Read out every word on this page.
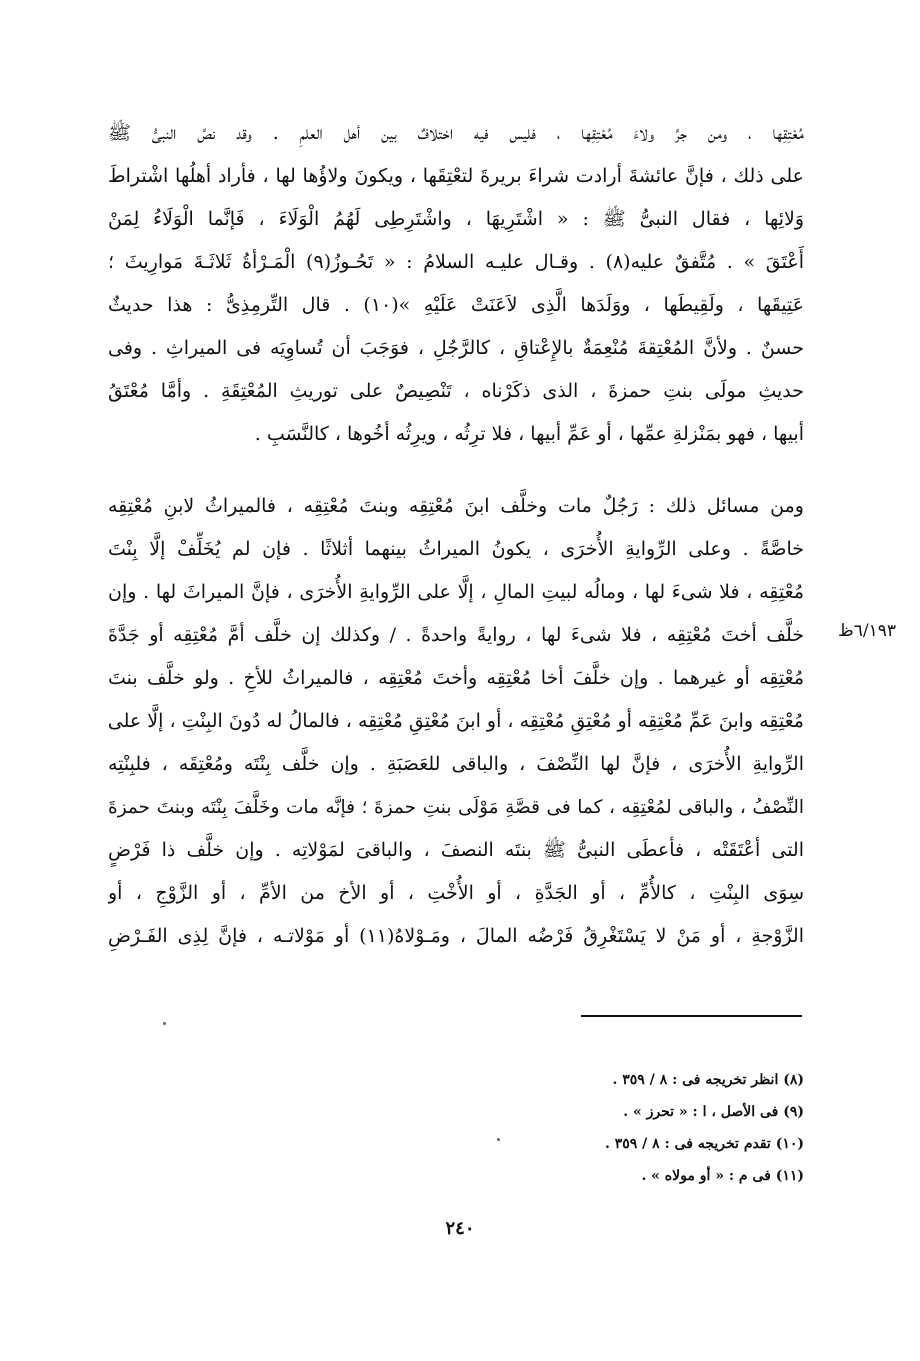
مُعْتِقِها ، ومن جرَّ ولاءَ مُعْتِقِها ، فليس فيه اختلافٌ بين أهل العلمِ . وقد نصَّ النبىُّ ﷺ
على ذلك ، فإنَّ عائشةَ أرادت شراءَ بريرةَ لتعْتِقَها ، ويكونَ ولاؤُها لها ، فأراد أهلُها اشْتراطَ
وَلائِها ، فقال النبىُّ ﷺ : « اشْتَرِيهَا ، واشْتَرِطِى لَهُمُ الْوَلَاءَ ، فَإنَّما الْوَلَاءُ لِمَنْ
أَعْتَقَ » . مُتَّفقٌ عليه(٨) . وقـال عليـه السلامُ : « تَحُـوزُ(٩) الْمَـرْأةُ ثَلاثَـةَ مَوارِيثَ ؛
عَتِيقَها ، ولَقِيطَها ، ووَلَدَها الَّذِى لاَعَنَتْ عَلَيْهِ »(١٠) . قال التِّرمِذِىُّ : هذا حديثٌ
حسنٌ . ولأنَّ المُعْتِقةَ مُنْعِمَةٌ بالإِعْتاقِ ، كالرَّجُلِ ، فوَجَبَ أن تُساوِيَه فى الميراثِ . وفى
حديثِ مولَى بنتِ حمزةَ ، الذى ذكَرْناه ، تَنْصِيصٌ على توريثِ المُعْتِقَةِ . وأمَّا مُعْتَقُ
أبيها ، فهو بمَنْزلةِ عمِّها ، أو عَمِّ أبيها ، فلا ترِثُه ، ويرِثُه أخُوها ، كالنَّسَبِ .
ومن مسائل ذلك : رَجُلٌ مات وخلَّف ابنَ مُعْتِقِه وبنتَ مُعْتِقِه ، فالميراثُ لابنِ مُعْتِقِه
خاصَّةً . وعلى الرِّوايةِ الأُخرَى ، يكونُ الميراثُ بينهما أثلاثًا . فإن لم يُخَلِّفْ إلَّا بِنْتَ
مُعْتِقِه ، فلا شىءَ لها ، ومالُه لبيتِ المالِ ، إلَّا على الرِّوايةِ الأُخرَى ، فإنَّ الميراثَ لها . وإن
خلَّف أختَ مُعْتِقِه ، فلا شىءَ لها ، روايةً واحدةً . / وكذلك إن خلَّف أمَّ مُعْتِقِه أو جَدَّةَ
مُعْتِقِه أو غيرهما . وإن خلَّفَ أخا مُعْتِقِه وأختَ مُعْتِقِه ، فالميراثُ للأخِ . ولو خلَّف بنتَ
مُعْتِقِه وابنَ عَمِّ مُعْتِقِه أو مُعْتِقِ مُعْتِقِه ، أو ابنَ مُعْتِقِ مُعْتِقِه ، فالمالُ له دُونَ البِنْتِ ، إلَّا على
الرِّوايةِ الأُخرَى ، فإنَّ لها النِّصْفَ ، والباقى للعَصَبَةِ . وإن خلَّف بِنْتَه ومُعْتِقَه ، فلبِنْتِه
النِّصْفُ ، والباقى لمُعْتِقِه ، كما فى قصَّةِ مَوْلَى بنتِ حمزةَ ؛ فإنَّه مات وخَلَّفَ بِنْتَه وبنتَ حمزةَ
التى أعْتَقَتْه ، فأعطَى النبىُّ ﷺ بنتَه النصفَ ، والباقىَ لمَوْلاتِه . وإن خلَّف ذا فَرْضٍ
سِوَى البِنْتِ ، كالأُمِّ ، أو الجَدَّةِ ، أو الأُخْتِ ، أو الأخ من الأمِّ ، أو الزَّوْجِ ، أو
الزَّوْجةِ ، أو مَنْ لا يَسْتَغْرِقُ فَرْضُه المالَ ، ومَـوْلاهُ(١١) أو مَوْلاتـه ، فإنَّ لِذِى الفَـرْضِ
٦/١٩٣ظ
(٨) انظر تخريجه فى : ٨ / ٣٥٩ .
(٩) فى الأصل ، ا : « تحرز » .
(١٠) تقدم تخريجه فى : ٨ / ٣٥٩ .
(١١) فى م : « أو مولاه » .
٢٤٠
